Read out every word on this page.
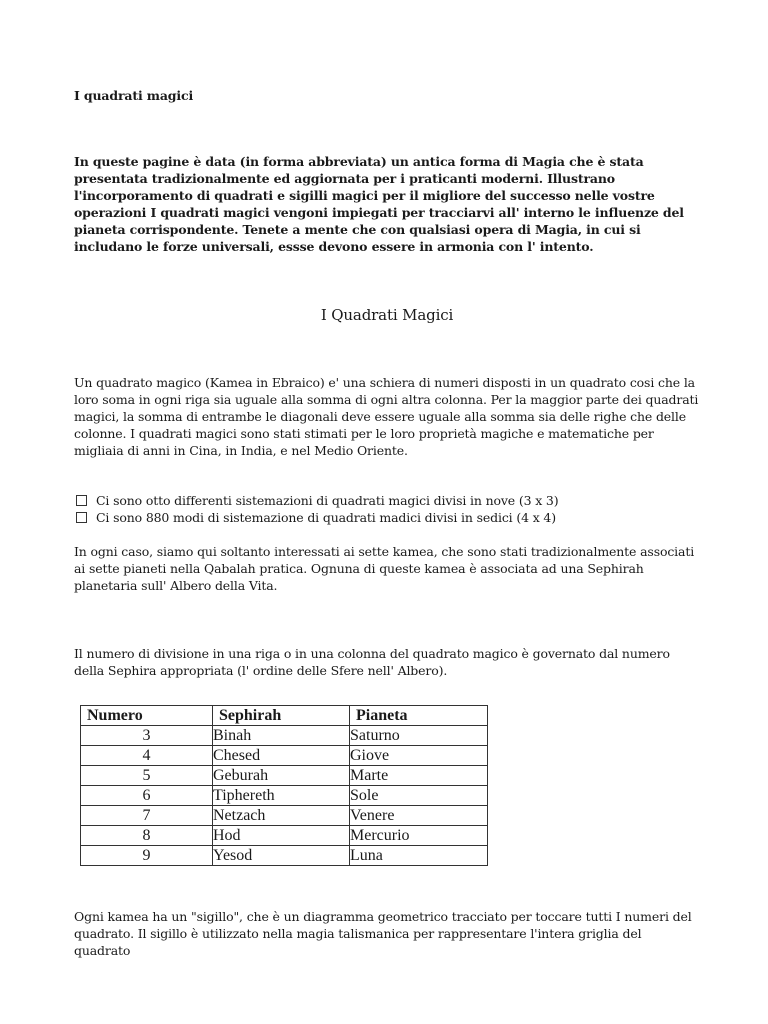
I quadrati magici

In queste pagine è data (in forma abbreviata) un antica forma di Magia che è stata presentata tradizionalmente ed aggiornata per i praticanti moderni. Illustrano l'incorporamento di quadrati e sigilli magici per il migliore del successo nelle vostre operazioni I quadrati magici vengoni impiegati per tracciarvi all' interno le influenze del pianeta corrispondente. Tenete a mente che con qualsiasi opera di Magia, in cui si includano le forze universali, essse devono essere in armonia con l' intento.

I Quadrati Magici

Un quadrato magico (Kamea in Ebraico) e' una schiera di numeri disposti in un quadrato cosi che la loro soma in ogni riga sia uguale alla somma di ogni altra colonna. Per la maggior parte dei quadrati magici, la somma di entrambe le diagonali deve essere uguale alla somma sia delle righe che delle colonne. I quadrati magici sono stati stimati per le loro proprietà magiche e matematiche per migliaia di anni in Cina, in India, e nel Medio Oriente.

Ci sono otto differenti sistemazioni di quadrati magici divisi in nove (3 x 3)
Ci sono 880 modi di sistemazione di quadrati madici divisi in sedici (4 x 4)

In ogni caso, siamo qui soltanto interessati ai sette kamea, che sono stati tradizionalmente associati ai sette pianeti nella Qabalah pratica. Ognuna di queste kamea è associata ad una Sephirah planetaria sull' Albero della Vita.

Il numero di divisione in una riga o in una colonna del quadrato magico è governato dal numero della Sephira appropriata (l' ordine delle Sfere nell' Albero).

Ogni kamea ha un "sigillo", che è un diagramma geometrico tracciato per toccare tutti I numeri del quadrato. Il sigillo è utilizzato nella magia talismanica per rappresentare l'intera griglia del quadrato

Numero	Sephirah	Pianeta
3	Binah	Saturno
4	Chesed	Giove
5	Geburah	Marte
6	Tiphereth	Sole
7	Netzach	Venere
8	Hod	Mercurio
9	Yesod	Luna
